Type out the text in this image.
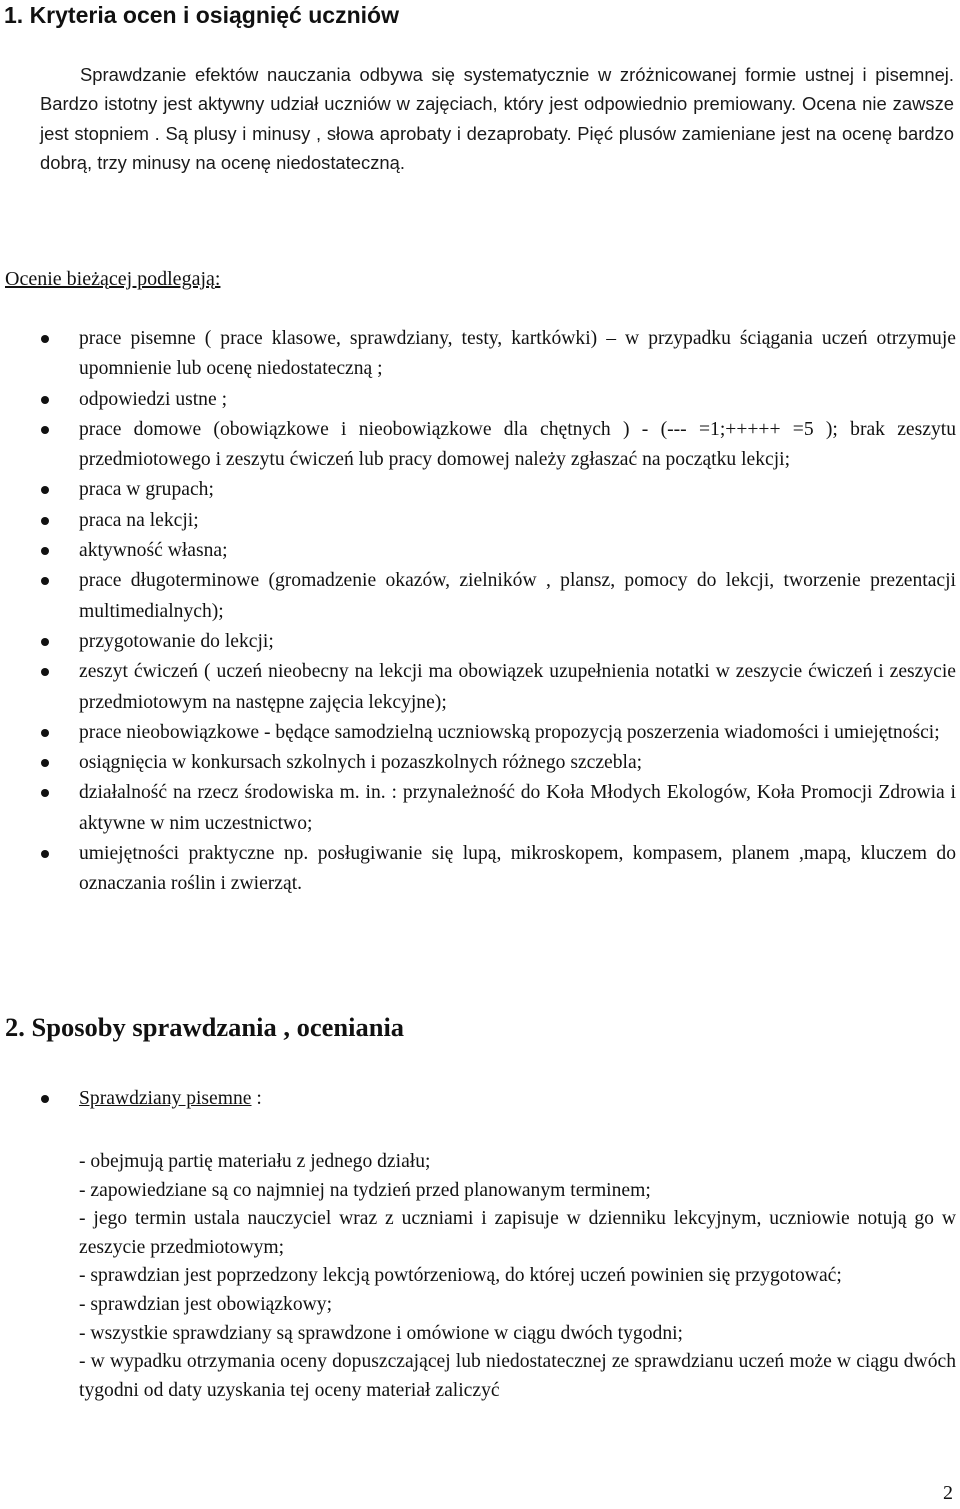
1. Kryteria ocen i osiągnięć uczniów

Sprawdzanie efektów nauczania odbywa się systematycznie w zróżnicowanej formie ustnej i pisemnej. Bardzo istotny jest aktywny udział uczniów w zajęciach, który jest odpowiednio premiowany. Ocena nie zawsze jest stopniem . Są plusy i minusy , słowa aprobaty i dezaprobaty. Pięć plusów zamieniane jest na ocenę bardzo dobrą, trzy minusy na ocenę niedostateczną.

Ocenie bieżącej podlegają:

prace pisemne ( prace klasowe, sprawdziany, testy, kartkówki) – w przypadku ściągania uczeń otrzymuje upomnienie lub ocenę niedostateczną ;
odpowiedzi ustne ;
prace domowe (obowiązkowe i nieobowiązkowe dla chętnych ) - (--- =1;+++++ =5 ); brak zeszytu przedmiotowego i zeszytu ćwiczeń lub pracy domowej należy zgłaszać na początku lekcji;
praca w grupach;
praca na lekcji;
aktywność własna;
prace długoterminowe (gromadzenie okazów, zielników , plansz, pomocy do lekcji, tworzenie prezentacji multimedialnych);
przygotowanie do lekcji;
zeszyt ćwiczeń ( uczeń nieobecny na lekcji ma obowiązek uzupełnienia notatki w zeszycie ćwiczeń i zeszycie przedmiotowym na następne zajęcia lekcyjne);
prace nieobowiązkowe - będące samodzielną uczniowską propozycją poszerzenia wiadomości i umiejętności;
osiągnięcia w konkursach szkolnych i pozaszkolnych różnego szczebla;
działalność na rzecz środowiska m. in. : przynależność do Koła Młodych Ekologów, Koła Promocji Zdrowia i aktywne w nim uczestnictwo;
umiejętności praktyczne np. posługiwanie się lupą, mikroskopem, kompasem, planem ,mapą, kluczem do oznaczania roślin i zwierząt.
2. Sposoby sprawdzania , oceniania
Sprawdziany pisemne :
- obejmują partię materiału z jednego działu;
- zapowiedziane są co najmniej na tydzień przed planowanym terminem;
- jego termin ustala nauczyciel wraz z uczniami i zapisuje w dzienniku lekcyjnym, uczniowie notują go w zeszycie przedmiotowym;
- sprawdzian jest poprzedzony lekcją powtórzeniową, do której uczeń powinien się przygotować;
- sprawdzian jest obowiązkowy;
- wszystkie sprawdziany są sprawdzone i omówione w ciągu dwóch tygodni;
- w wypadku otrzymania oceny dopuszczającej lub niedostatecznej ze sprawdzianu uczeń może w ciągu dwóch tygodni od daty uzyskania tej oceny materiał zaliczyć
2
